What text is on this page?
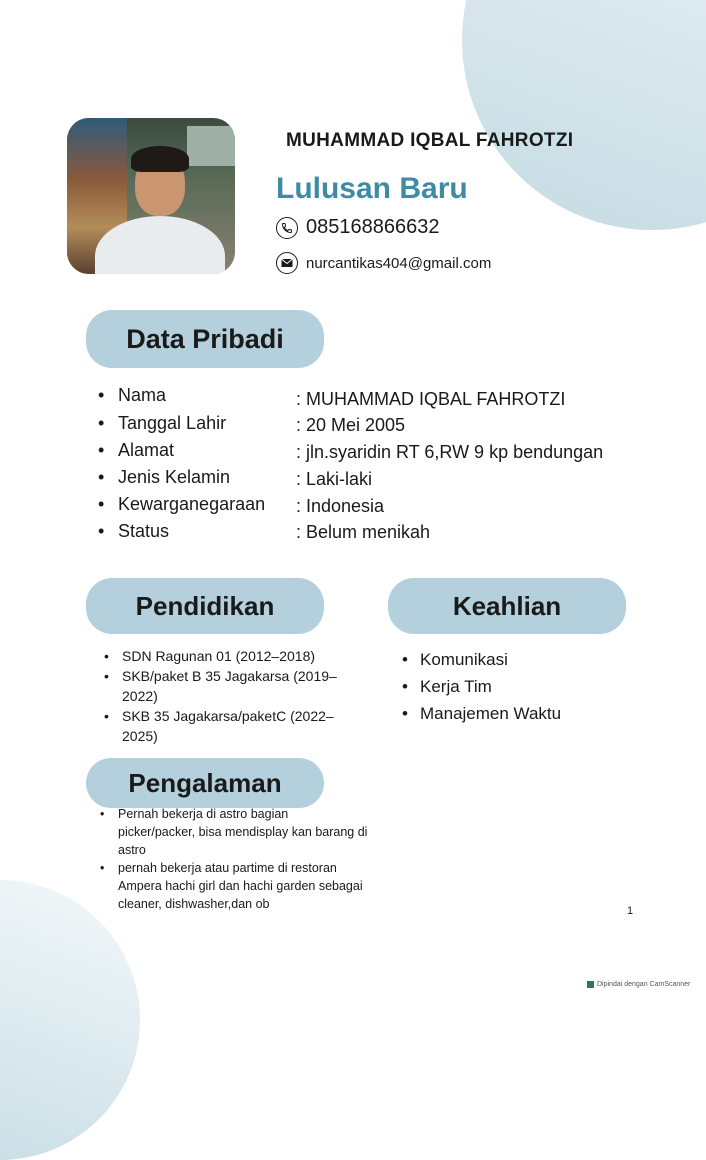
MUHAMMAD IQBAL FAHROTZI
Lulusan Baru
085168866632
nurcantikas404@gmail.com
Data Pribadi
• Nama	: MUHAMMAD IQBAL FAHROTZI
• Tanggal Lahir	: 20 Mei 2005
• Alamat	: jln.syaridin RT 6,RW 9 kp bendungan
• Jenis Kelamin	: Laki-laki
• Kewarganegaraan : Indonesia
• Status	: Belum menikah
Pendidikan	Keahlian
• SDN Ragunan 01 (2012–2018)
• SKB/paket B 35 Jagakarsa (2019–2022)
• SKB 35 Jagakarsa/paketC (2022–2025)
• Komunikasi
• Kerja Tim
• Manajemen Waktu
Pengalaman
• Pernah bekerja di astro bagian picker/packer, bisa mendisplay kan barang di astro
• pernah bekerja atau partime di restoran Ampera hachi girl dan hachi garden sebagai cleaner, dishwasher,dan ob	1
Dipindai dengan CamScanner
